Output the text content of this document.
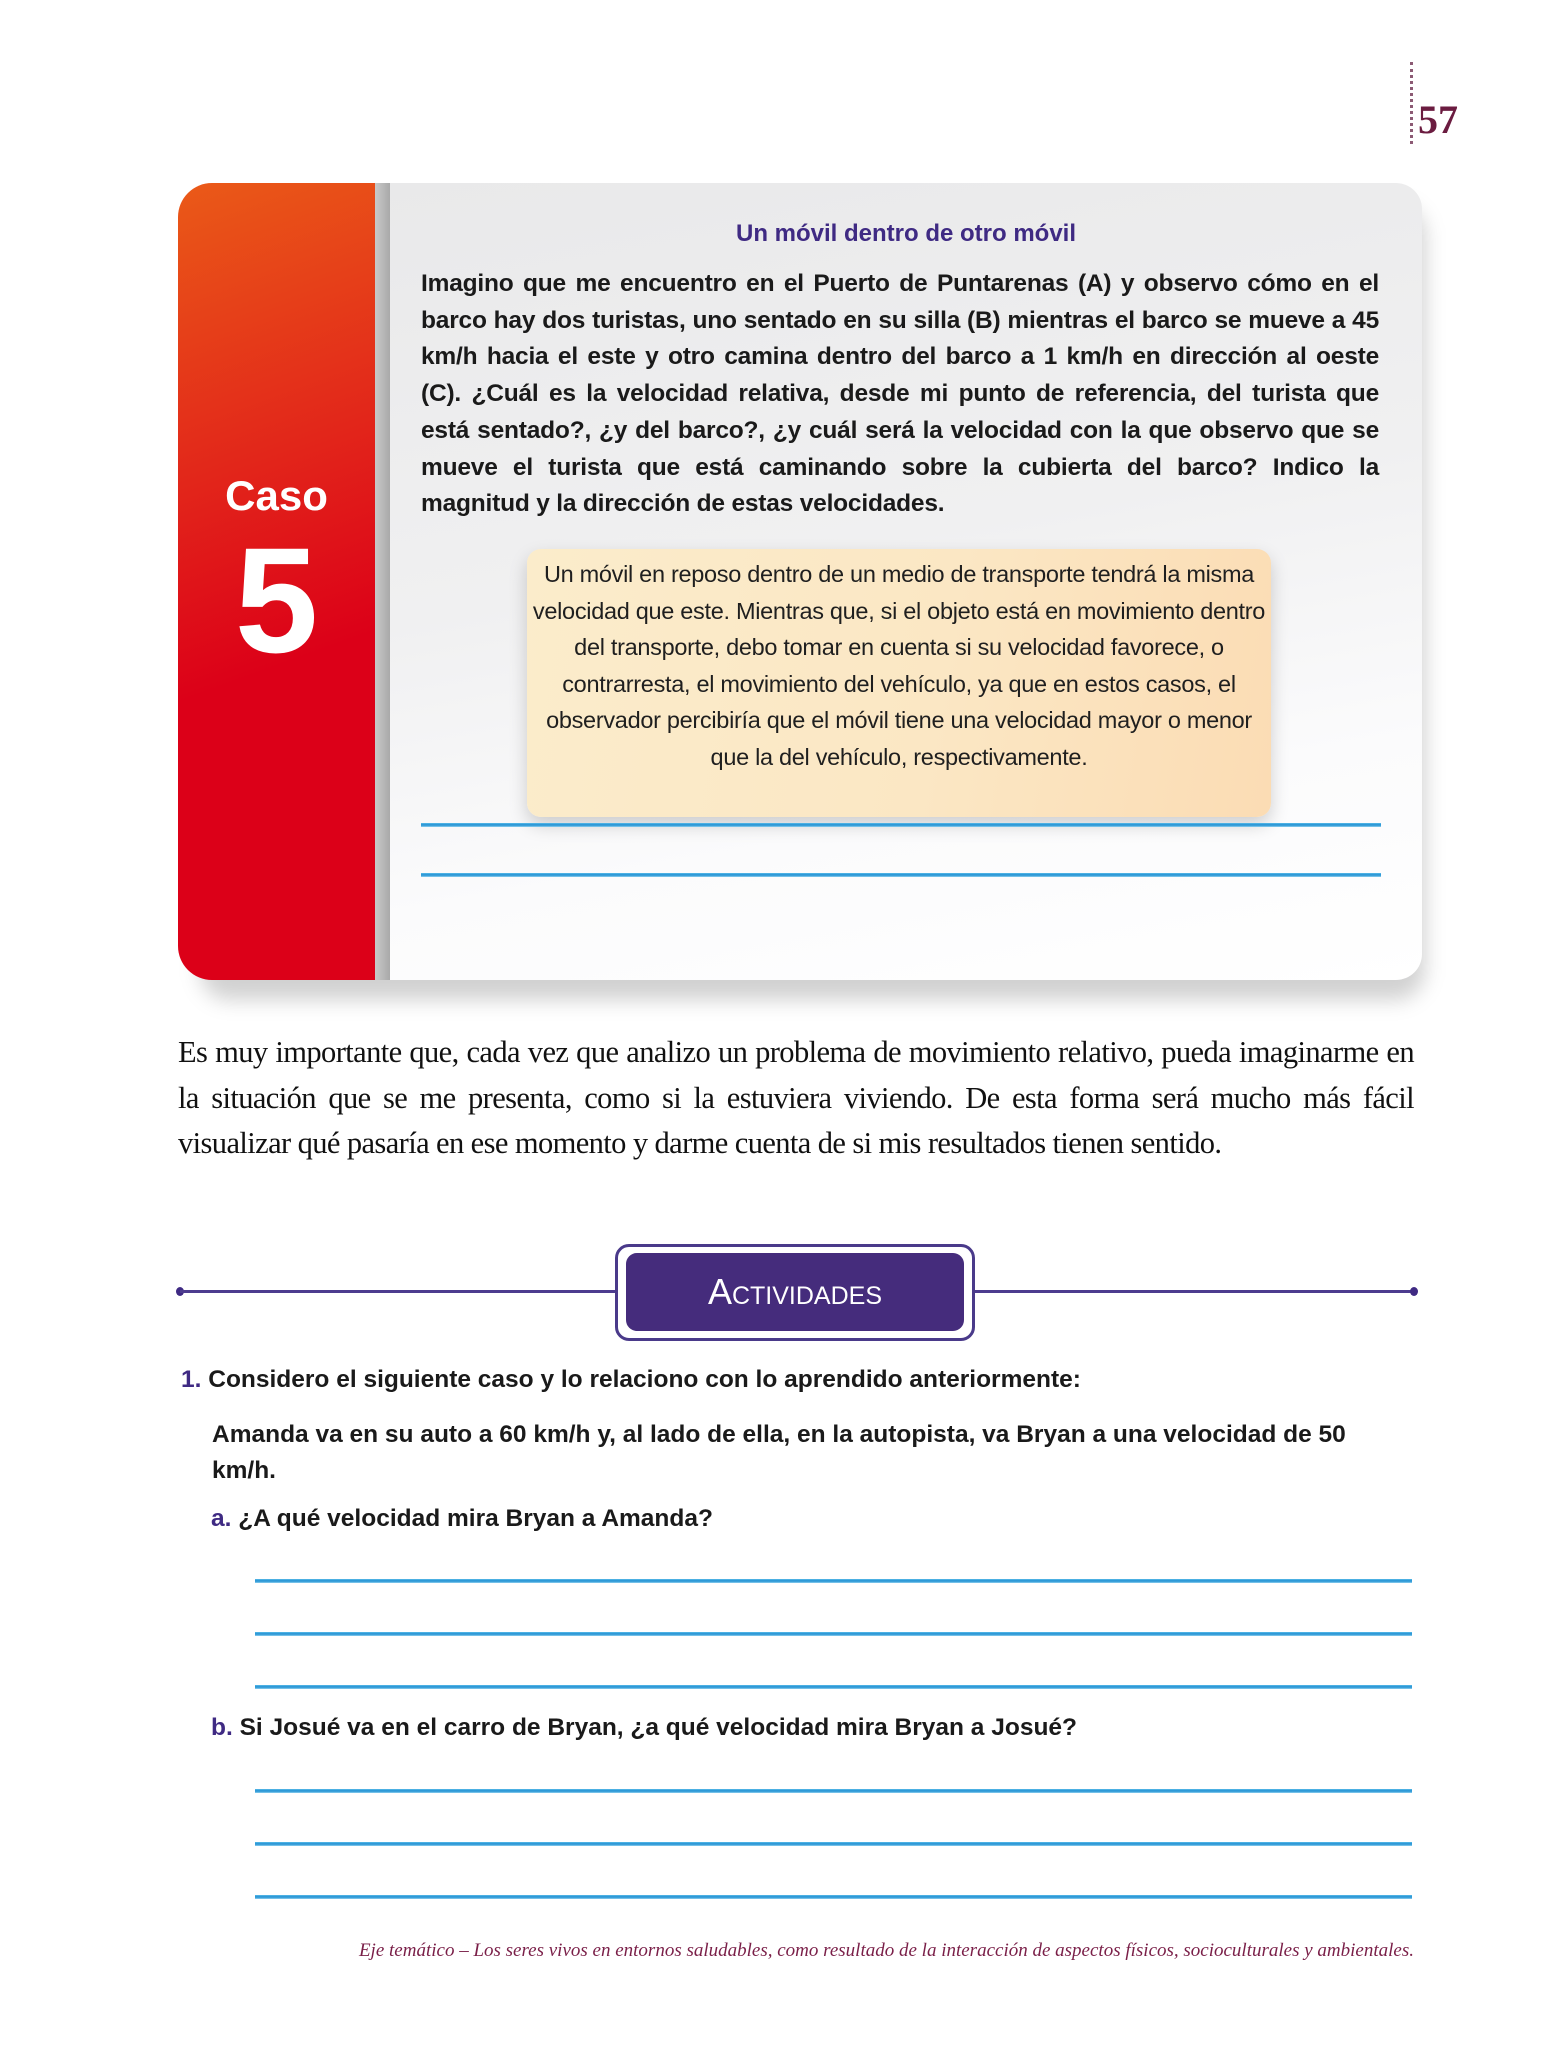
57
Caso
5
Un móvil dentro de otro móvil
Imagino que me encuentro en el Puerto de Puntarenas (A) y observo cómo en el barco hay dos turistas, uno sentado en su silla (B) mientras el barco se mueve a 45 km/h hacia el este y otro camina dentro del barco a 1 km/h en dirección al oeste (C). ¿Cuál es la velocidad relativa, desde mi punto de referencia, del turista que está sentado?, ¿y del barco?, ¿y cuál será la velocidad con la que observo que se mueve el turista que está caminando sobre la cubierta del barco? Indico la magnitud y la dirección de estas velocidades.
Un móvil en reposo dentro de un medio de transporte tendrá la misma velocidad que este. Mientras que, si el objeto está en movimiento dentro del transporte, debo tomar en cuenta si su velocidad favorece, o contrarresta, el movimiento del vehículo, ya que en estos casos, el observador percibiría que el móvil tiene una velocidad mayor o menor que la del vehículo, respectivamente.
Es muy importante que, cada vez que analizo un problema de movimiento relativo, pueda imaginarme en la situación que se me presenta, como si la estuviera viviendo. De esta forma será mucho más fácil visualizar qué pasaría en ese momento y darme cuenta de si mis resultados tienen sentido.
Actividades
1. Considero el siguiente caso y lo relaciono con lo aprendido anteriormente:
Amanda va en su auto a 60 km/h y, al lado de ella, en la autopista, va Bryan a una velocidad de 50 km/h.
a. ¿A qué velocidad mira Bryan a Amanda?
b. Si Josué va en el carro de Bryan, ¿a qué velocidad mira Bryan a Josué?
Eje temático – Los seres vivos en entornos saludables, como resultado de la interacción de aspectos físicos, socioculturales y ambientales.
